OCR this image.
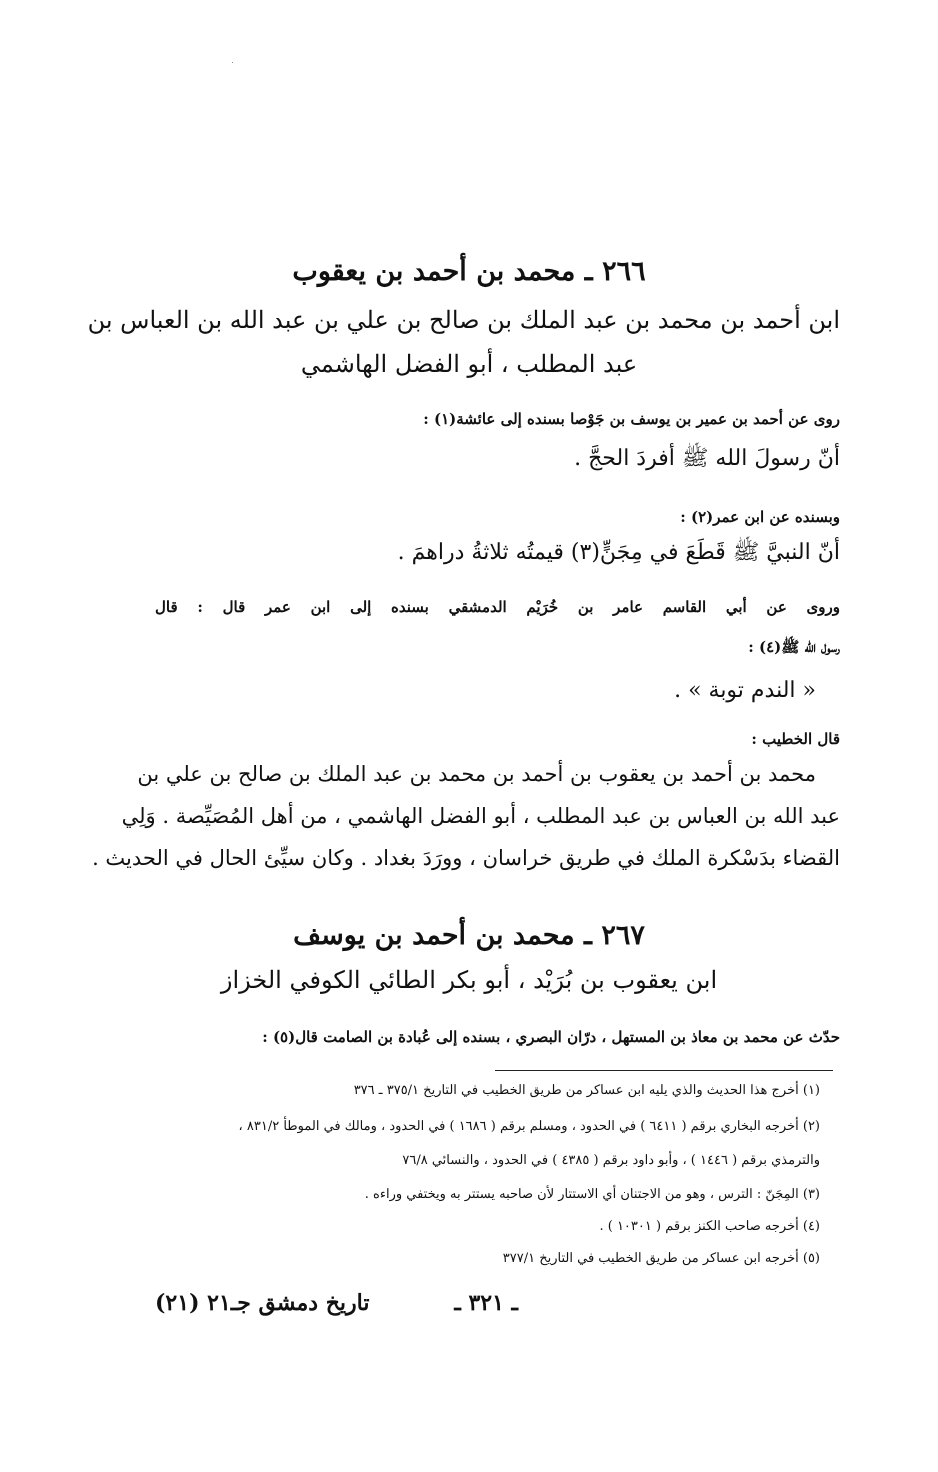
٢٦٦ ـ محمد بن أحمد بن يعقوب
ابن أحمد بن محمد بن عبد الملك بن صالح بن علي بن عبد الله بن العباس بن
عبد المطلب ، أبو الفضل الهاشمي
روى عن أحمد بن عمير بن يوسف بن جَوْصا بسنده إلى عائشة(١) :
أنّ رسولَ الله ﷺ أفردَ الحجَّ .
وبسنده عن ابن عمر(٢) :
أنّ النبيَّ ﷺ قَطَعَ في مِجَنٍّ(٣) قيمتُه ثلاثةُ دراهمَ .
وروى عن أبي القاسم عامر بن خُرَيْم الدمشقي بسنده إلى ابن عمر قال : قال
رسول الله ﷺ(٤) :
« الندم توبة » .
قال الخطيب :
محمد بن أحمد بن يعقوب بن أحمد بن محمد بن عبد الملك بن صالح بن علي بن
عبد الله بن العباس بن عبد المطلب ، أبو الفضل الهاشمي ، من أهل المُصَيِّصة . وَلِي
القضاء بدَسْكرة الملك في طريق خراسان ، وورَدَ بغداد . وكان سيِّئ الحال في الحديث .
٢٦٧ ـ محمد بن أحمد بن يوسف
ابن يعقوب بن بُرَيْد ، أبو بكر الطائي الكوفي الخزاز
حدّث عن محمد بن معاذ بن المستهل ، درّان البصري ، بسنده إلى عُبادة بن الصامت قال(٥) :
(١) أخرج هذا الحديث والذي يليه ابن عساكر من طريق الخطيب في التاريخ ٣٧٥/١ ـ ٣٧٦
(٢) أخرجه البخاري برقم ( ٦٤١١ ) في الحدود ، ومسلم برقم ( ١٦٨٦ ) في الحدود ، ومالك في الموطأ ٨٣١/٢ ،
والترمذي برقم ( ١٤٤٦ ) ، وأبو داود برقم ( ٤٣٨٥ ) في الحدود ، والنسائي ٧٦/٨
(٣) المِجَنّ : الترس ، وهو من الاجتنان أي الاستتار لأن صاحبه يستتر به ويختفي وراءه .
(٤) أخرجه صاحب الكنز برقم ( ١٠٣٠١ ) .
(٥) أخرجه ابن عساكر من طريق الخطيب في التاريخ ٣٧٧/١
ـ ٣٢١ ـ
تاريخ دمشق جـ٢١ (٢١)
